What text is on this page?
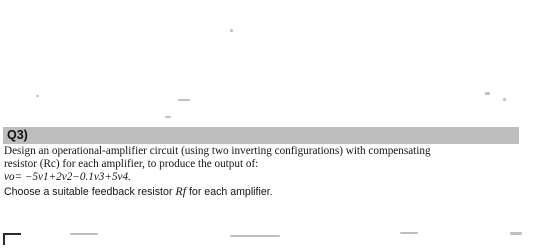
Q3)
Design an operational-amplifier circuit (using two inverting configurations) with compensating
resistor (Rc) for each amplifier, to produce the output of:
vo= −5v1+2v2−0.1v3+5v4.
Choose a suitable feedback resistor Rf for each amplifier.
